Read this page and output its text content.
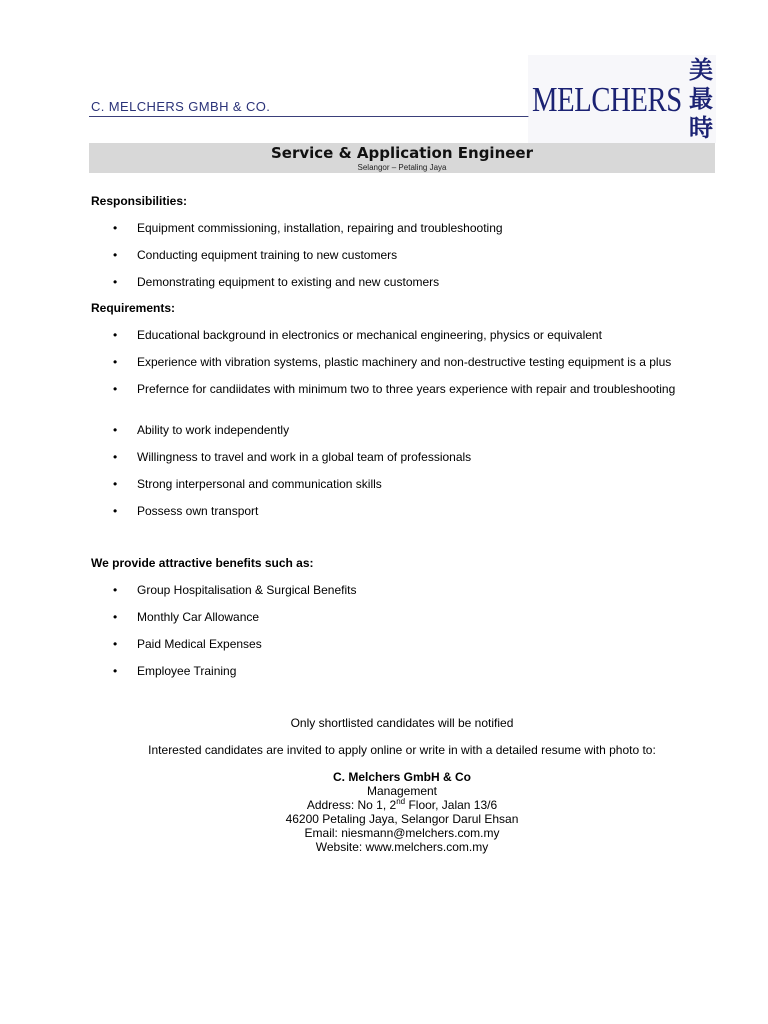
C. MELCHERS GMBH & CO.	MELCHERS
美
最
時
Service & Application Engineer
Selangor – Petaling Jaya
Responsibilities:
•	Equipment commissioning, installation, repairing and troubleshooting
•	Conducting equipment training to new customers
•	Demonstrating equipment to existing and new customers
Requirements:
•	Educational background in electronics or mechanical engineering, physics or equivalent
•	Experience with vibration systems, plastic machinery and non-destructive testing equipment is a plus
•	Prefernce for candiidates with minimum two to three years experience with repair and troubleshooting
•	Ability to work independently
•	Willingness to travel and work in a global team of professionals
•	Strong interpersonal and communication skills
•	Possess own transport
We provide attractive benefits such as:
•	Group Hospitalisation & Surgical Benefits
•	Monthly Car Allowance
•	Paid Medical Expenses
•	Employee Training
Only shortlisted candidates will be notified
Interested candidates are invited to apply online or write in with a detailed resume with photo to:
C. Melchers GmbH & Co
Management
Address: No 1, 2nd Floor, Jalan 13/6
46200 Petaling Jaya, Selangor Darul Ehsan
Email: niesmann@melchers.com.my
Website: www.melchers.com.my
